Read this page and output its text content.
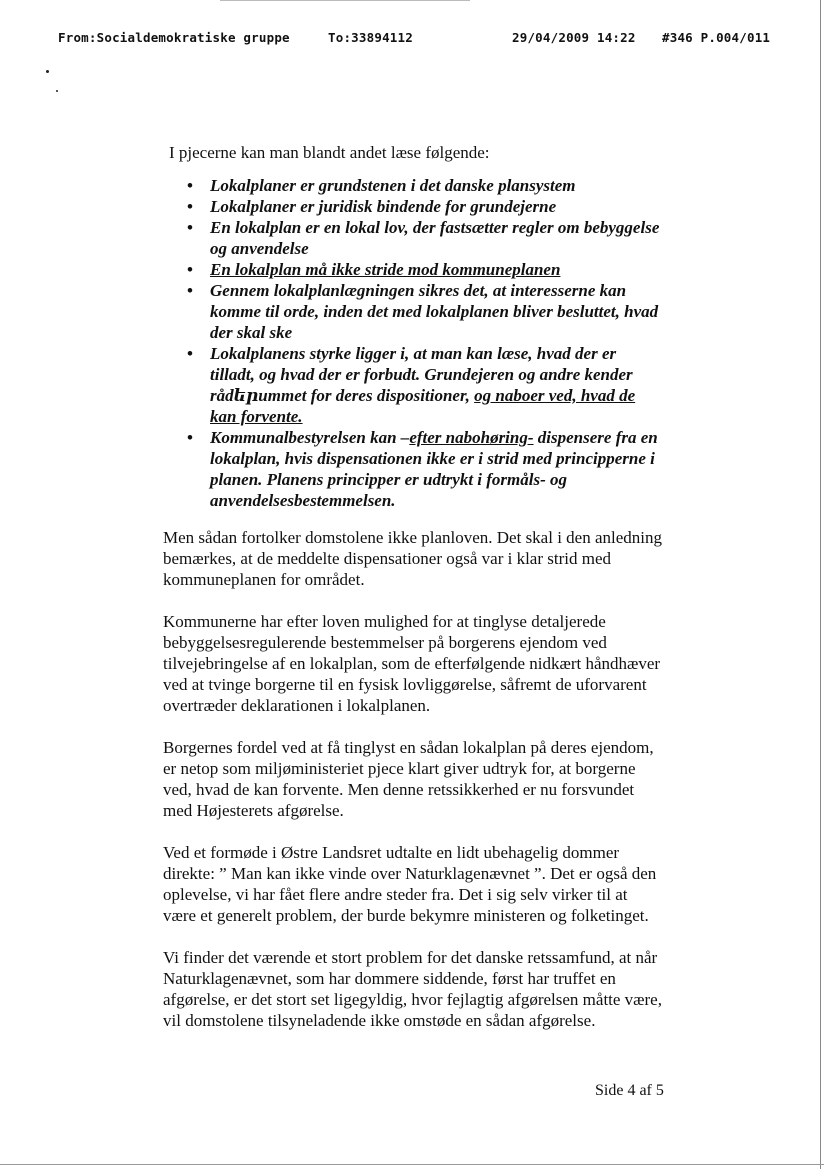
From:Socialdemokratiske gruppe	To:33894112	29/04/2009 14:22 #346 P.004/011

I pjecerne kan man blandt andet læse følgende:

• Lokalplaner er grundstenen i det danske plansystem
• Lokalplaner er juridisk bindende for grundejerne
• En lokalplan er en lokal lov, der fastsætter regler om bebyggelse og anvendelse
• En lokalplan må ikke stride mod kommuneplanen
• Gennem lokalplanlægningen sikres det, at interesserne kan komme til orde, inden det med lokalplanen bliver besluttet, hvad der skal ske
• Lokalplanens styrke ligger i, at man kan læse, hvad der er tilladt, og hvad der er forbudt. Grundejeren og andre kender rådերummet for deres dispositioner, og naboer ved, hvad de kan forvente.
• Kommunalbestyrelsen kan –efter nabohøring- dispensere fra en lokalplan, hvis dispensationen ikke er i strid med principperne i planen. Planens principper er udtrykt i formåls- og anvendelsesbestemmelsen.

Men sådan fortolker domstolene ikke planloven. Det skal i den anledning bemærkes, at de meddelte dispensationer også var i klar strid med kommuneplanen for området.

Kommunerne har efter loven mulighed for at tinglyse detaljerede bebyggelsesregulerende bestemmelser på borgerens ejendom ved tilvejebringelse af en lokalplan, som de efterfølgende nidkært håndhæver ved at tvinge borgerne til en fysisk lovliggørelse, såfremt de uforvarent overtræder deklarationen i lokalplanen.

Borgernes fordel ved at få tinglyst en sådan lokalplan på deres ejendom, er netop som miljøministeriet pjece klart giver udtryk for, at borgerne ved, hvad de kan forvente. Men denne retssikkerhed er nu forsvundet med Højesterets afgørelse.

Ved et formøde i Østre Landsret udtalte en lidt ubehagelig dommer direkte: ” Man kan ikke vinde over Naturklagenævnet ”. Det er også den oplevelse, vi har fået flere andre steder fra. Det i sig selv virker til at være et generelt problem, der burde bekymre ministeren og folketinget.

Vi finder det værende et stort problem for det danske retssamfund, at når Naturklagenævnet, som har dommere siddende, først har truffet en afgørelse, er det stort set ligegyldig, hvor fejlagtig afgørelsen måtte være, vil domstolene tilsyneladende ikke omstøde en sådan afgørelse.

Side 4 af 5
